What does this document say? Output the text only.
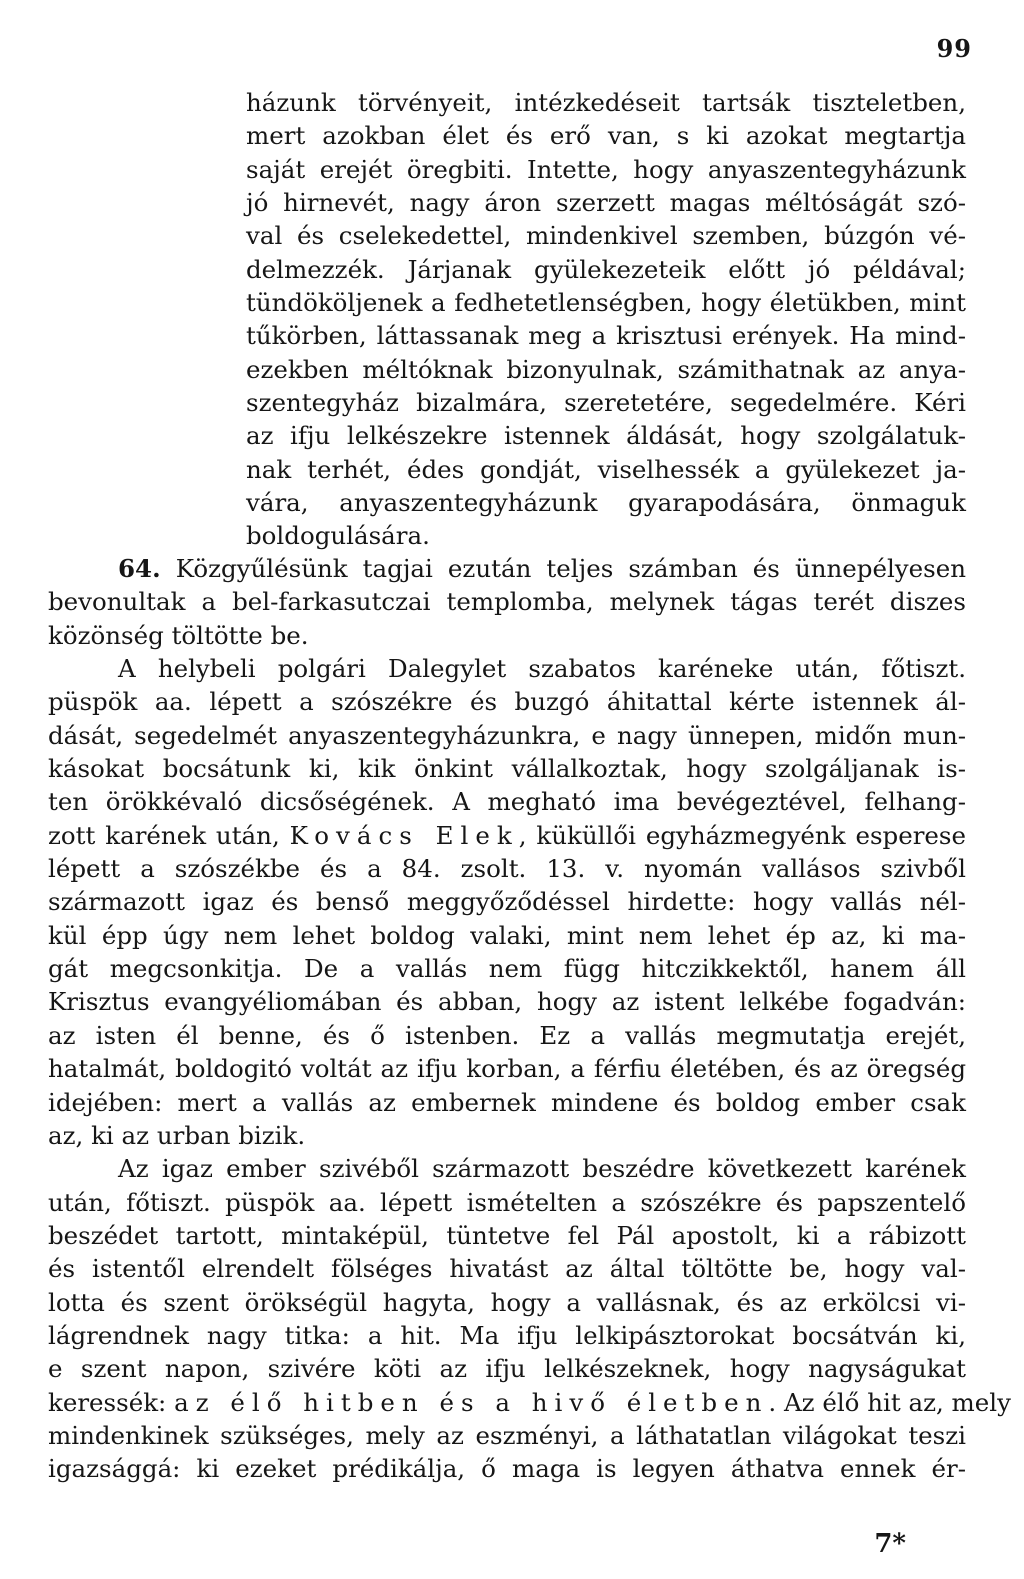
99
házunk törvényeit, intézkedéseit tartsák tiszteletben,
mert azokban élet és erő van, s ki azokat megtartja
saját erejét öregbiti. Intette, hogy anyaszentegyházunk
jó hirnevét, nagy áron szerzett magas méltóságát szó-
val és cselekedettel, mindenkivel szemben, búzgón vé-
delmezzék. Járjanak gyülekezeteik előtt jó példával;
tündököljenek a fedhetetlenségben, hogy életükben, mint
tűkörben, láttassanak meg a krisztusi erények. Ha mind-
ezekben méltóknak bizonyulnak, számithatnak az anya-
szentegyház bizalmára, szeretetére, segedelmére. Kéri
az ifju lelkészekre istennek áldását, hogy szolgálatuk-
nak terhét, édes gondját, viselhessék a gyülekezet ja-
vára, anyaszentegyházunk gyarapodására, önmaguk
boldogulására.
64. Közgyűlésünk tagjai ezután teljes számban és ünnepélyesen
bevonultak a bel-farkasutczai templomba, melynek tágas terét diszes
közönség töltötte be.
A helybeli polgári Dalegylet szabatos karéneke után, főtiszt.
püspök aa. lépett a szószékre és buzgó áhitattal kérte istennek ál-
dását, segedelmét anyaszentegyházunkra, e nagy ünnepen, midőn mun-
kásokat bocsátunk ki, kik önkint vállalkoztak, hogy szolgáljanak is-
ten örökkévaló dicsőségének. A megható ima bevégeztével, felhang-
zott karének után, Kovács Elek, küküllői egyházmegyénk esperese
lépett a szószékbe és a 84. zsolt. 13. v. nyomán vallásos szivből
származott igaz és benső meggyőződéssel hirdette: hogy vallás nél-
kül épp úgy nem lehet boldog valaki, mint nem lehet ép az, ki ma-
gát megcsonkitja. De a vallás nem függ hitczikkektől, hanem áll
Krisztus evangyéliomában és abban, hogy az istent lelkébe fogadván:
az isten él benne, és ő istenben. Ez a vallás megmutatja erejét,
hatalmát, boldogitó voltát az ifju korban, a férfiu életében, és az öregség
idejében: mert a vallás az embernek mindene és boldog ember csak
az, ki az urban bizik.
Az igaz ember szivéből származott beszédre következett karének
után, főtiszt. püspök aa. lépett ismételten a szószékre és papszentelő
beszédet tartott, mintaképül, tüntetve fel Pál apostolt, ki a rábizott
és istentől elrendelt fölséges hivatást az által töltötte be, hogy val-
lotta és szent örökségül hagyta, hogy a vallásnak, és az erkölcsi vi-
lágrendnek nagy titka: a hit. Ma ifju lelkipásztorokat bocsátván ki,
e szent napon, szivére köti az ifju lelkészeknek, hogy nagyságukat
keressék: az élő hitben és a hivő életben. Az élő hit az, mely
mindenkinek szükséges, mely az eszményi, a láthatatlan világokat teszi
igazsággá: ki ezeket prédikálja, ő maga is legyen áthatva ennek ér-
7*
